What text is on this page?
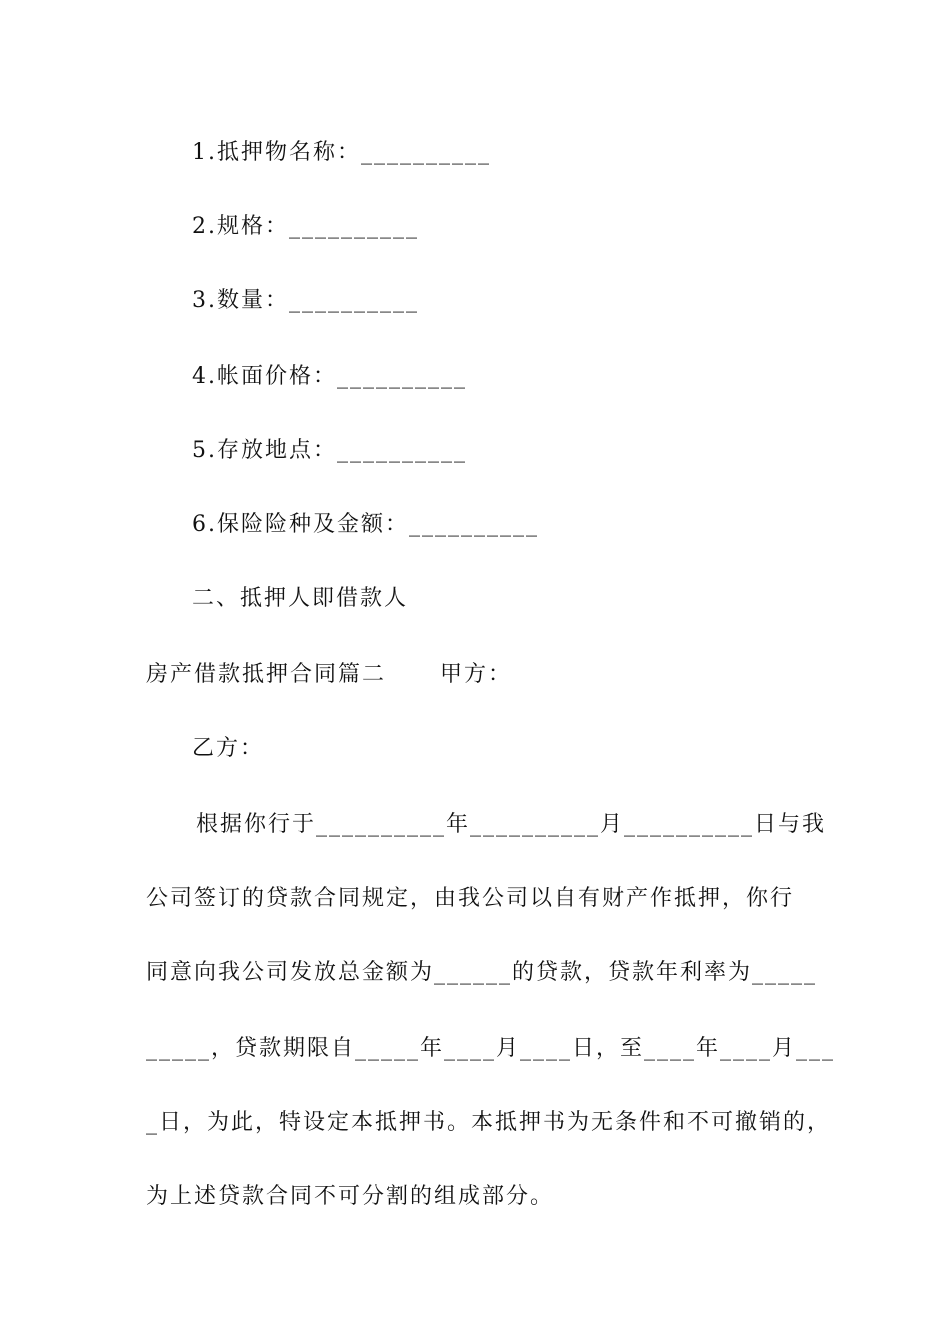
1.抵押物名称：__________
2.规格：__________
3.数量：__________
4.帐面价格：__________
5.存放地点：__________
6.保险险种及金额：__________
二、抵押人即借款人
房产借款抵押合同篇二      甲方：
乙方：
根据你行于__________年__________月__________日与我
公司签订的贷款合同规定，由我公司以自有财产作抵押，你行
同意向我公司发放总金额为______的贷款，贷款年利率为_____
_____，贷款期限自_____年____月____日，至____年____月___
_日，为此，特设定本抵押书。本抵押书为无条件和不可撤销的，
为上述贷款合同不可分割的组成部分。
